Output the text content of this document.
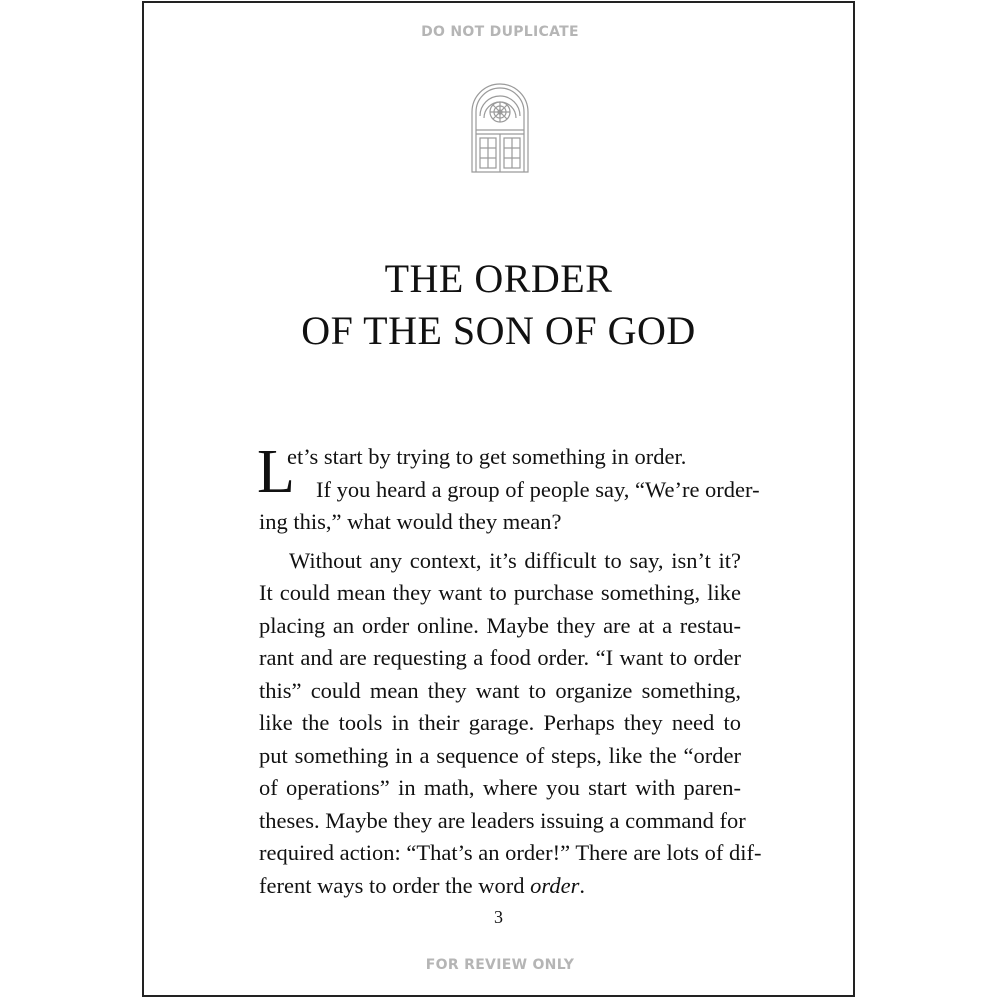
DO NOT DUPLICATE
THE ORDER
OF THE SON OF GOD
L
et’s start by trying to get something in order.
If you heard a group of people say, “We’re order-
ing this,” what would they mean?
Without any context, it’s difficult to say, isn’t it?
It could mean they want to purchase something, like
placing an order online. Maybe they are at a restau-
rant and are requesting a food order. “I want to order
this” could mean they want to organize something,
like the tools in their garage. Perhaps they need to
put something in a sequence of steps, like the “order
of operations” in math, where you start with paren-
theses. Maybe they are leaders issuing a command for
required action: “That’s an order!” There are lots of dif-
ferent ways to order the word order.
3
FOR REVIEW ONLY
